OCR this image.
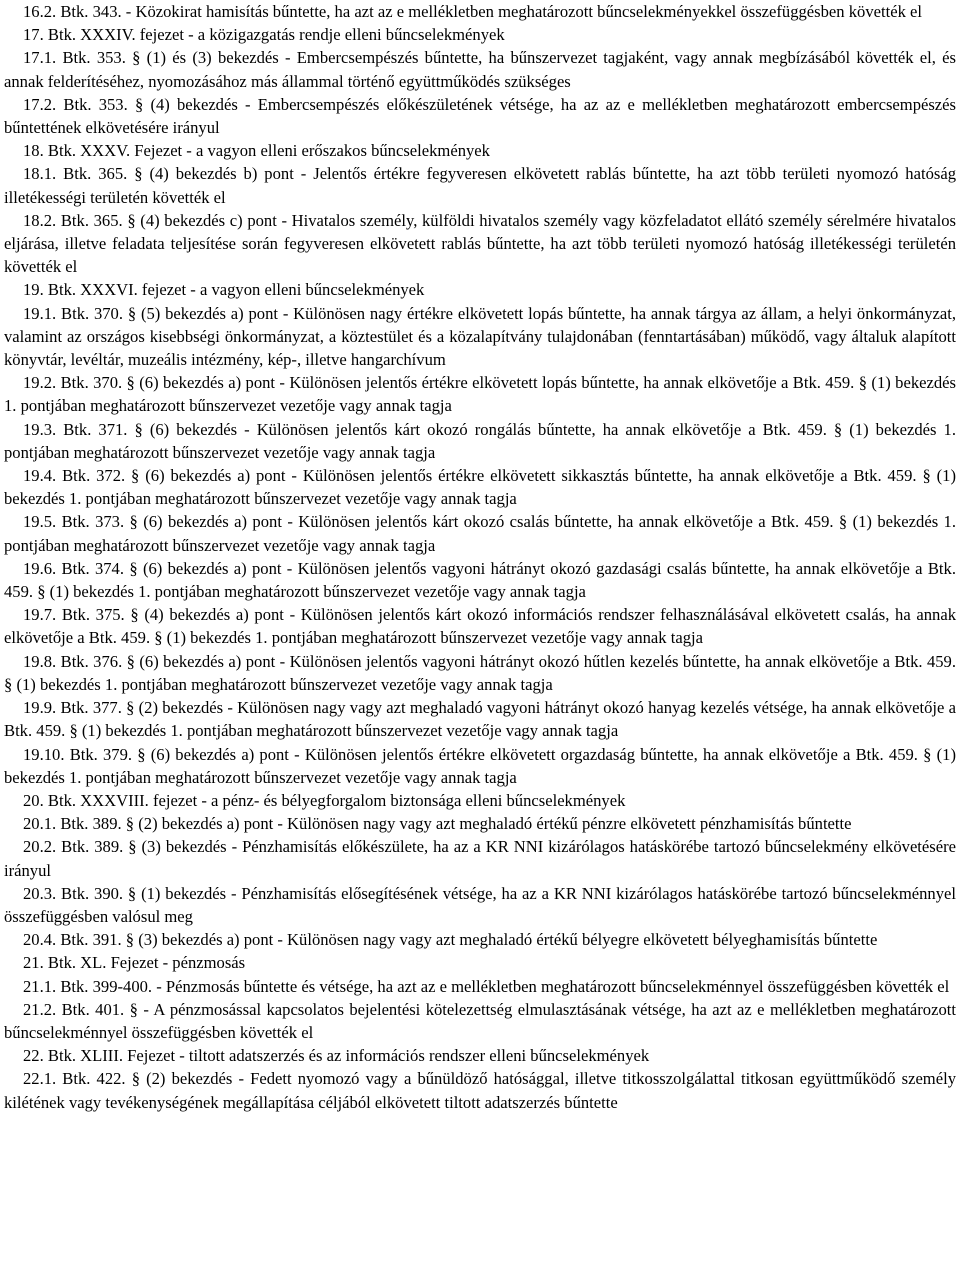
16.2. Btk. 343. - Közokirat hamisítás bűntette, ha azt az e mellékletben meghatározott bűncselekményekkel összefüggésben követték el

17. Btk. XXXIV. fejezet - a közigazgatás rendje elleni bűncselekmények

17.1. Btk. 353. § (1) és (3) bekezdés - Embercsempészés bűntette, ha bűnszervezet tagjaként, vagy annak megbízásából követték el, és annak felderítéséhez, nyomozásához más állammal történő együttműködés szükséges

17.2. Btk. 353. § (4) bekezdés - Embercsempészés előkészületének vétsége, ha az az e mellékletben meghatározott embercsempészés bűntettének elkövetésére irányul

18. Btk. XXXV. Fejezet - a vagyon elleni erőszakos bűncselekmények

18.1. Btk. 365. § (4) bekezdés b) pont - Jelentős értékre fegyveresen elkövetett rablás bűntette, ha azt több területi nyomozó hatóság illetékességi területén követték el

18.2. Btk. 365. § (4) bekezdés c) pont - Hivatalos személy, külföldi hivatalos személy vagy közfeladatot ellátó személy sérelmére hivatalos eljárása, illetve feladata teljesítése során fegyveresen elkövetett rablás bűntette, ha azt több területi nyomozó hatóság illetékességi területén követték el

19. Btk. XXXVI. fejezet - a vagyon elleni bűncselekmények

19.1. Btk. 370. § (5) bekezdés a) pont - Különösen nagy értékre elkövetett lopás bűntette, ha annak tárgya az állam, a helyi önkormányzat, valamint az országos kisebbségi önkormányzat, a köztestület és a közalapítvány tulajdonában (fenntartásában) működő, vagy általuk alapított könyvtár, levéltár, muzeális intézmény, kép-, illetve hangarchívum

19.2. Btk. 370. § (6) bekezdés a) pont - Különösen jelentős értékre elkövetett lopás bűntette, ha annak elkövetője a Btk. 459. § (1) bekezdés 1. pontjában meghatározott bűnszervezet vezetője vagy annak tagja

19.3. Btk. 371. § (6) bekezdés - Különösen jelentős kárt okozó rongálás bűntette, ha annak elkövetője a Btk. 459. § (1) bekezdés 1. pontjában meghatározott bűnszervezet vezetője vagy annak tagja

19.4. Btk. 372. § (6) bekezdés a) pont - Különösen jelentős értékre elkövetett sikkasztás bűntette, ha annak elkövetője a Btk. 459. § (1) bekezdés 1. pontjában meghatározott bűnszervezet vezetője vagy annak tagja

19.5. Btk. 373. § (6) bekezdés a) pont - Különösen jelentős kárt okozó csalás bűntette, ha annak elkövetője a Btk. 459. § (1) bekezdés 1. pontjában meghatározott bűnszervezet vezetője vagy annak tagja

19.6. Btk. 374. § (6) bekezdés a) pont - Különösen jelentős vagyoni hátrányt okozó gazdasági csalás bűntette, ha annak elkövetője a Btk. 459. § (1) bekezdés 1. pontjában meghatározott bűnszervezet vezetője vagy annak tagja

19.7. Btk. 375. § (4) bekezdés a) pont - Különösen jelentős kárt okozó információs rendszer felhasználásával elkövetett csalás, ha annak elkövetője a Btk. 459. § (1) bekezdés 1. pontjában meghatározott bűnszervezet vezetője vagy annak tagja

19.8. Btk. 376. § (6) bekezdés a) pont - Különösen jelentős vagyoni hátrányt okozó hűtlen kezelés bűntette, ha annak elkövetője a Btk. 459. § (1) bekezdés 1. pontjában meghatározott bűnszervezet vezetője vagy annak tagja

19.9. Btk. 377. § (2) bekezdés - Különösen nagy vagy azt meghaladó vagyoni hátrányt okozó hanyag kezelés vétsége, ha annak elkövetője a Btk. 459. § (1) bekezdés 1. pontjában meghatározott bűnszervezet vezetője vagy annak tagja

19.10. Btk. 379. § (6) bekezdés a) pont - Különösen jelentős értékre elkövetett orgazdaság bűntette, ha annak elkövetője a Btk. 459. § (1) bekezdés 1. pontjában meghatározott bűnszervezet vezetője vagy annak tagja

20. Btk. XXXVIII. fejezet - a pénz- és bélyegforgalom biztonsága elleni bűncselekmények

20.1. Btk. 389. § (2) bekezdés a) pont - Különösen nagy vagy azt meghaladó értékű pénzre elkövetett pénzhamisítás bűntette

20.2. Btk. 389. § (3) bekezdés - Pénzhamisítás előkészülete, ha az a KR NNI kizárólagos hatáskörébe tartozó bűncselekmény elkövetésére irányul

20.3. Btk. 390. § (1) bekezdés - Pénzhamisítás elősegítésének vétsége, ha az a KR NNI kizárólagos hatáskörébe tartozó bűncselekménnyel összefüggésben valósul meg

20.4. Btk. 391. § (3) bekezdés a) pont - Különösen nagy vagy azt meghaladó értékű bélyegre elkövetett bélyeghamisítás bűntette

21. Btk. XL. Fejezet - pénzmosás

21.1. Btk. 399-400. - Pénzmosás bűntette és vétsége, ha azt az e mellékletben meghatározott bűncselekménnyel összefüggésben követték el

21.2. Btk. 401. § - A pénzmosással kapcsolatos bejelentési kötelezettség elmulasztásának vétsége, ha azt az e mellékletben meghatározott bűncselekménnyel összefüggésben követték el

22. Btk. XLIII. Fejezet - tiltott adatszerzés és az információs rendszer elleni bűncselekmények

22.1. Btk. 422. § (2) bekezdés - Fedett nyomozó vagy a bűnüldöző hatósággal, illetve titkosszolgálattal titkosan együttműködő személy kilétének vagy tevékenységének megállapítása céljából elkövetett tiltott adatszerzés bűntette
